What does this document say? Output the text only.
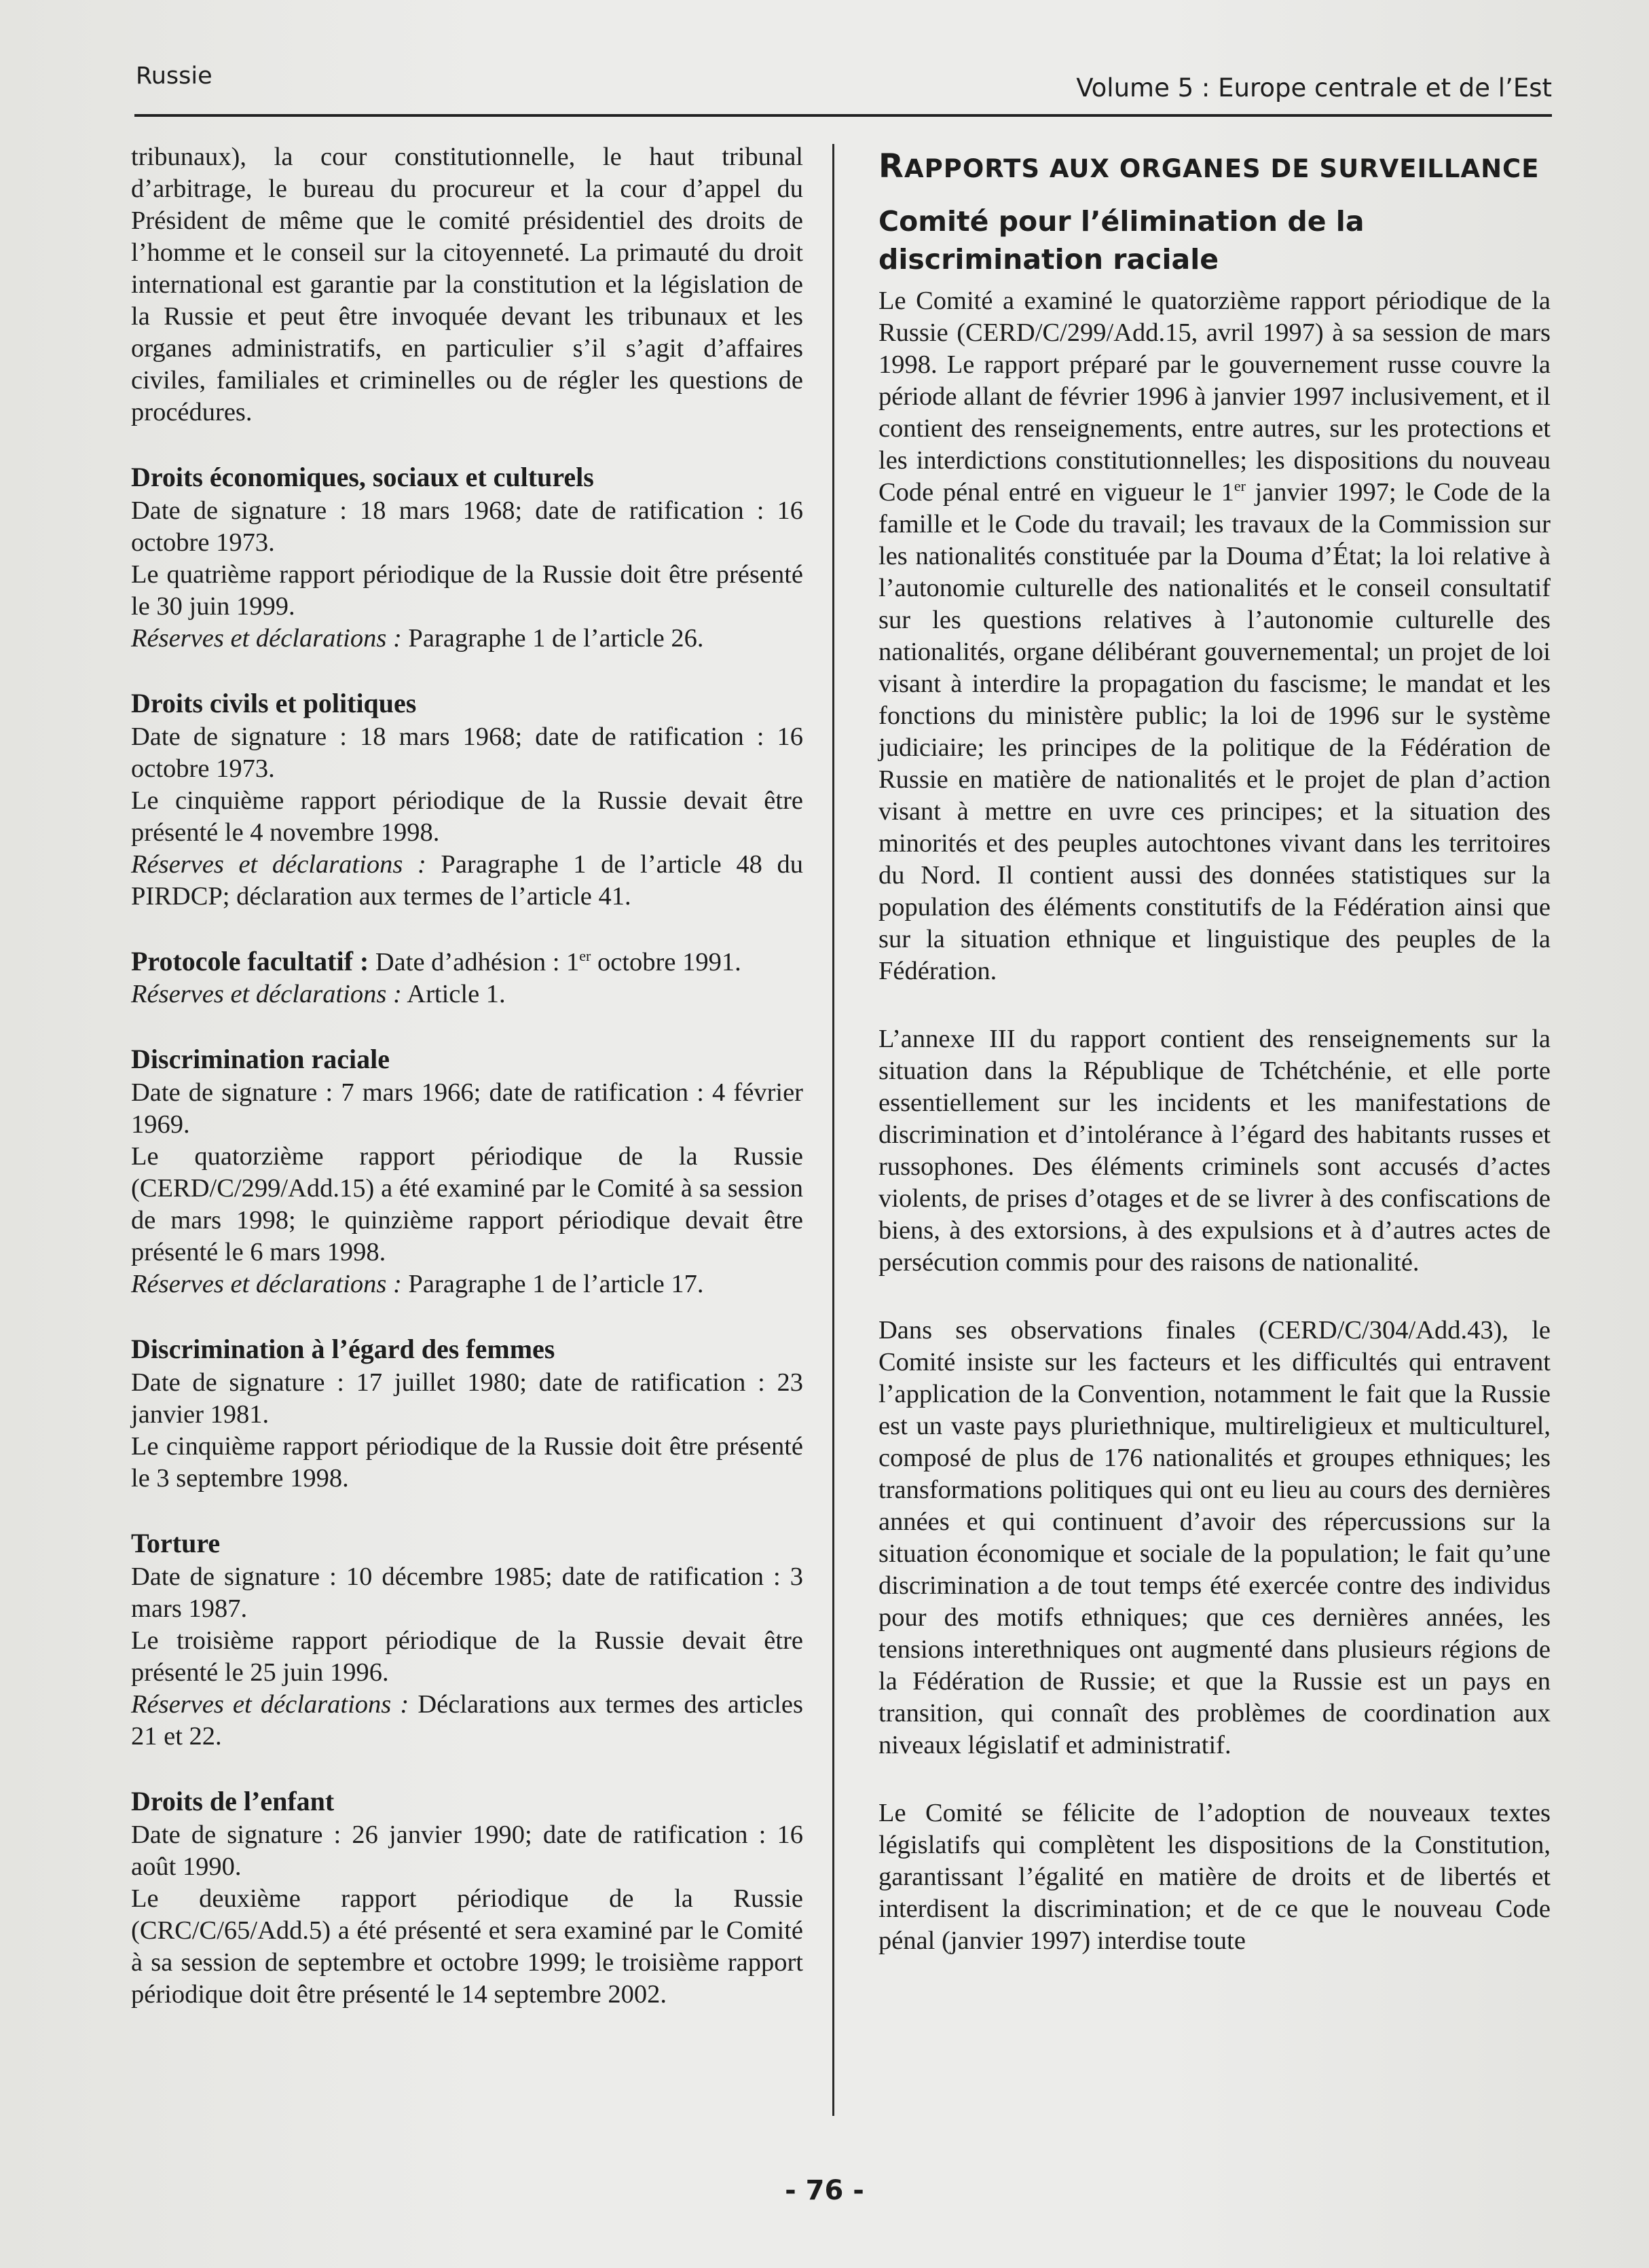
Russie	Volume 5 : Europe centrale et de l’Est

tribunaux), la cour constitutionnelle, le haut tribunal d’arbitrage, le bureau du procureur et la cour d’appel du Président de même que le comité présidentiel des droits de l’homme et le conseil sur la citoyenneté. La primauté du droit international est garantie par la constitution et la législation de la Russie et peut être invoquée devant les tribunaux et les organes administratifs, en particulier s’il s’agit d’affaires civiles, familiales et criminelles ou de régler les questions de procédures.

Droits économiques, sociaux et culturels
Date de signature : 18 mars 1968; date de ratification : 16 octobre 1973.
Le quatrième rapport périodique de la Russie doit être présenté le 30 juin 1999.
Réserves et déclarations : Paragraphe 1 de l’article 26.
Droits civils et politiques
Date de signature : 18 mars 1968; date de ratification : 16 octobre 1973.
Le cinquième rapport périodique de la Russie devait être présenté le 4 novembre 1998.
Réserves et déclarations : Paragraphe 1 de l’article 48 du PIRDCP; déclaration aux termes de l’article 41.
Protocole facultatif : Date d’adhésion : 1er octobre 1991.
Réserves et déclarations : Article 1.
Discrimination raciale
Date de signature : 7 mars 1966; date de ratification : 4 février 1969.
Le quatorzième rapport périodique de la Russie (CERD/C/299/Add.15) a été examiné par le Comité à sa session de mars 1998; le quinzième rapport périodique devait être présenté le 6 mars 1998.
Réserves et déclarations : Paragraphe 1 de l’article 17.
Discrimination à l’égard des femmes
Date de signature : 17 juillet 1980; date de ratification : 23 janvier 1981.
Le cinquième rapport périodique de la Russie doit être présenté le 3 septembre 1998.
Torture
Date de signature : 10 décembre 1985; date de ratification : 3 mars 1987.
Le troisième rapport périodique de la Russie devait être présenté le 25 juin 1996.
Réserves et déclarations : Déclarations aux termes des articles 21 et 22.
Droits de l’enfant
Date de signature : 26 janvier 1990; date de ratification : 16 août 1990.
Le deuxième rapport périodique de la Russie (CRC/C/65/Add.5) a été présenté et sera examiné par le Comité à sa session de septembre et octobre 1999; le troisième rapport périodique doit être présenté le 14 septembre 2002.
RAPPORTS AUX ORGANES DE SURVEILLANCE
Comité pour l’élimination de la discrimination raciale

Le Comité a examiné le quatorzième rapport périodique de la Russie (CERD/C/299/Add.15, avril 1997) à sa session de mars 1998. Le rapport préparé par le gouvernement russe couvre la période allant de février 1996 à janvier 1997 inclusivement, et il contient des renseignements, entre autres, sur les protections et les interdictions constitutionnelles; les dispositions du nouveau Code pénal entré en vigueur le 1er janvier 1997; le Code de la famille et le Code du travail; les travaux de la Commission sur les nationalités constituée par la Douma d’État; la loi relative à l’autonomie culturelle des nationalités et le conseil consultatif sur les questions relatives à l’autonomie culturelle des nationalités, organe délibérant gouvernemental; un projet de loi visant à interdire la propagation du fascisme; le mandat et les fonctions du ministère public; la loi de 1996 sur le système judiciaire; les principes de la politique de la Fédération de Russie en matière de nationalités et le projet de plan d’action visant à mettre en uvre ces principes; et la situation des minorités et des peuples autochtones vivant dans les territoires du Nord. Il contient aussi des données statistiques sur la population des éléments constitutifs de la Fédération ainsi que sur la situation ethnique et linguistique des peuples de la Fédération.

L’annexe III du rapport contient des renseignements sur la situation dans la République de Tchétchénie, et elle porte essentiellement sur les incidents et les manifestations de discrimination et d’intolérance à l’égard des habitants russes et russophones. Des éléments criminels sont accusés d’actes violents, de prises d’otages et de se livrer à des confiscations de biens, à des extorsions, à des expulsions et à d’autres actes de persécution commis pour des raisons de nationalité.

Dans ses observations finales (CERD/C/304/Add.43), le Comité insiste sur les facteurs et les difficultés qui entravent l’application de la Convention, notamment le fait que la Russie est un vaste pays pluriethnique, multireligieux et multiculturel, composé de plus de 176 nationalités et groupes ethniques; les transformations politiques qui ont eu lieu au cours des dernières années et qui continuent d’avoir des répercussions sur la situation économique et sociale de la population; le fait qu’une discrimination a de tout temps été exercée contre des individus pour des motifs ethniques; que ces dernières années, les tensions interethniques ont augmenté dans plusieurs régions de la Fédération de Russie; et que la Russie est un pays en transition, qui connaît des problèmes de coordination aux niveaux législatif et administratif.

Le Comité se félicite de l’adoption de nouveaux textes législatifs qui complètent les dispositions de la Constitution, garantissant l’égalité en matière de droits et de libertés et interdisent la discrimination; et de ce que le nouveau Code pénal (janvier 1997) interdise toute

- 76 -
